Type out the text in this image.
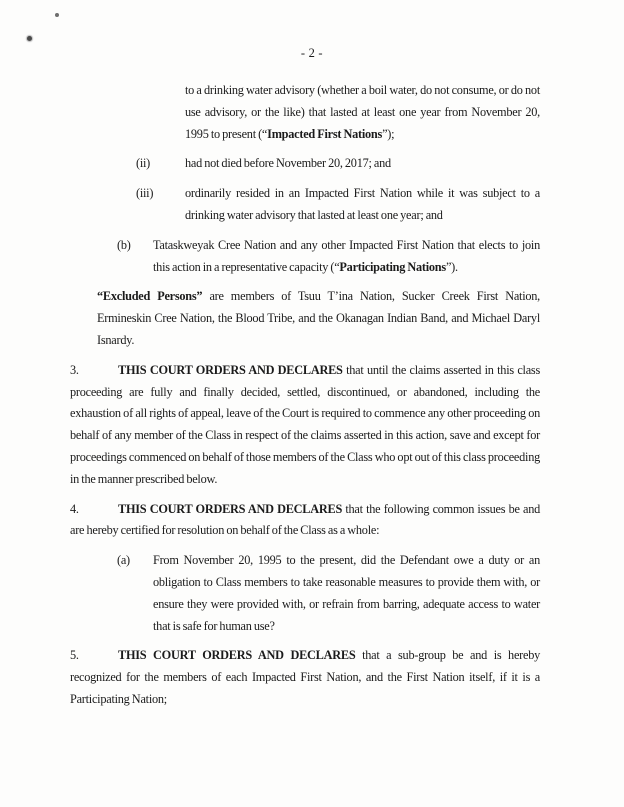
- 2 -
to a drinking water advisory (whether a boil water, do not consume, or do not use advisory, or the like) that lasted at least one year from November 20, 1995 to present (“Impacted First Nations”);
(ii)	had not died before November 20, 2017; and
(iii)	ordinarily resided in an Impacted First Nation while it was subject to a drinking water advisory that lasted at least one year; and
(b) Tataskweyak Cree Nation and any other Impacted First Nation that elects to join this action in a representative capacity (“Participating Nations”).
“Excluded Persons” are members of Tsuu T’ina Nation, Sucker Creek First Nation, Ermineskin Cree Nation, the Blood Tribe, and the Okanagan Indian Band, and Michael Daryl Isnardy.
3.	THIS COURT ORDERS AND DECLARES that until the claims asserted in this class proceeding are fully and finally decided, settled, discontinued, or abandoned, including the exhaustion of all rights of appeal, leave of the Court is required to commence any other proceeding on behalf of any member of the Class in respect of the claims asserted in this action, save and except for proceedings commenced on behalf of those members of the Class who opt out of this class proceeding in the manner prescribed below.
4.	THIS COURT ORDERS AND DECLARES that the following common issues be and are hereby certified for resolution on behalf of the Class as a whole:
(a) From November 20, 1995 to the present, did the Defendant owe a duty or an obligation to Class members to take reasonable measures to provide them with, or ensure they were provided with, or refrain from barring, adequate access to water that is safe for human use?
5.	THIS COURT ORDERS AND DECLARES that a sub-group be and is hereby recognized for the members of each Impacted First Nation, and the First Nation itself, if it is a Participating Nation;
